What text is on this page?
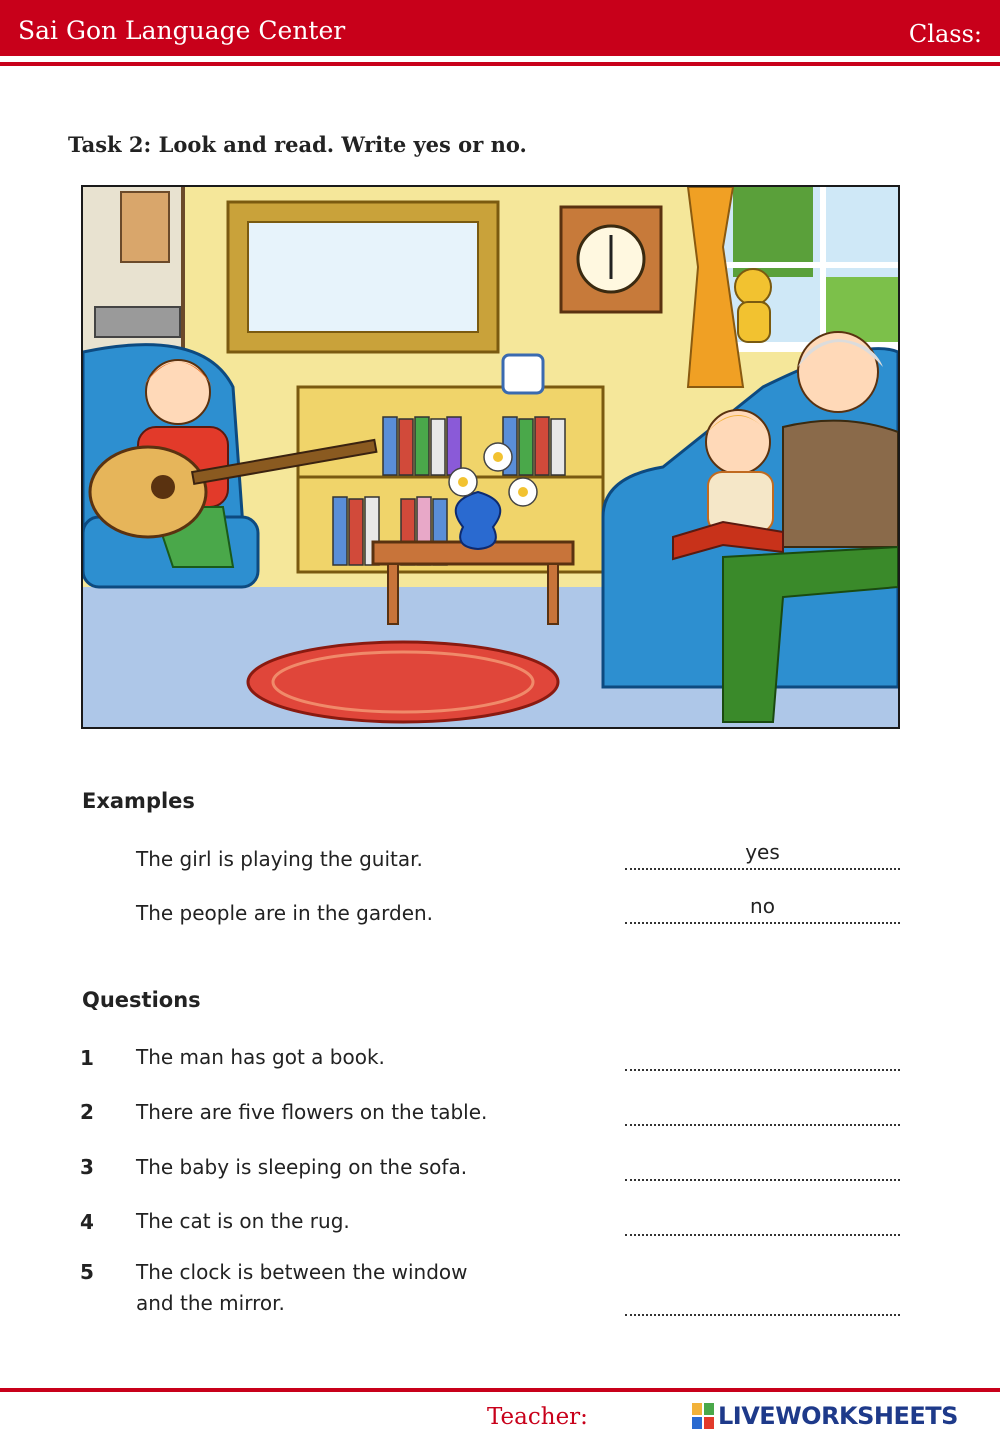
Sai Gon Language Center	Class:
Task 2: Look and read. Write yes or no.
Examples
The girl is playing the guitar.	yes
The people are in the garden.	no
Questions
1 The man has got a book.
2 There are five flowers on the table.
3 The baby is sleeping on the sofa.
4 The cat is on the rug.
5 The clock is between the window
and the mirror.
Teacher:	LIVEWORKSHEETS
